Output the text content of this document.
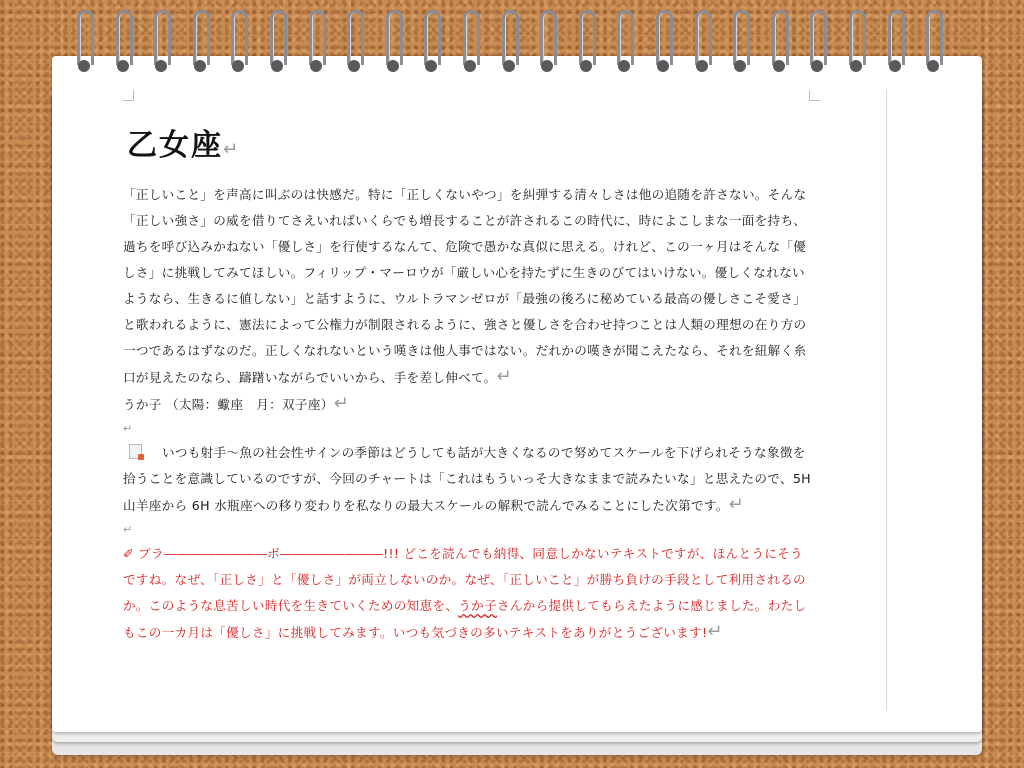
乙女座↵

「正しいこと」を声高に叫ぶのは快感だ。特に「正しくないやつ」を糾弾する清々しさは他の追随を許さない。そんな「正しい強さ」の威を借りてさえいればいくらでも増長することが許されるこの時代に、時によこしまな一面を持ち、過ちを呼び込みかねない「優しさ」を行使するなんて、危険で愚かな真似に思える。けれど、この一ヶ月はそんな「優しさ」に挑戦してみてほしい。フィリップ・マーロウが「厳しい心を持たずに生きのびてはいけない。優しくなれないようなら、生きるに値しない」と話すように、ウルトラマンゼロが「最強の後ろに秘めている最高の優しさこそ愛さ」と歌われるように、憲法によって公権力が制限されるように、強さと優しさを合わせ持つことは人類の理想の在り方の一つであるはずなのだ。正しくなれないという嘆きは他人事ではない。だれかの嘆きが聞こえたなら、それを紐解く糸口が見えたのなら、躊躇いながらでいいから、手を差し伸べて。↵

うか子 （太陽：蠍座　月：双子座）↵

↵

いつも射手～魚の社会性サインの季節はどうしても話が大きくなるので努めてスケールを下げられそうな象徴を拾うことを意識しているのですが、今回のチャートは「これはもういっそ大きなままで読みたいな」と思えたので、5H 山羊座から 6H 水瓶座への移り変わりを私なりの最大スケールの解釈で読んでみることにした次第です。↵

↵

✐ ブラ――――――――ボ――――――――!!! どこを読んでも納得、同意しかないテキストですが、ほんとうにそうですね。なぜ、「正しさ」と「優しさ」が両立しないのか。なぜ、「正しいこと」が勝ち負けの手段として利用されるのか。このような息苦しい時代を生きていくための知恵を、うか子さんから提供してもらえたように感じました。わたしもこの一カ月は「優しさ」に挑戦してみます。いつも気づきの多いテキストをありがとうございます!↵
